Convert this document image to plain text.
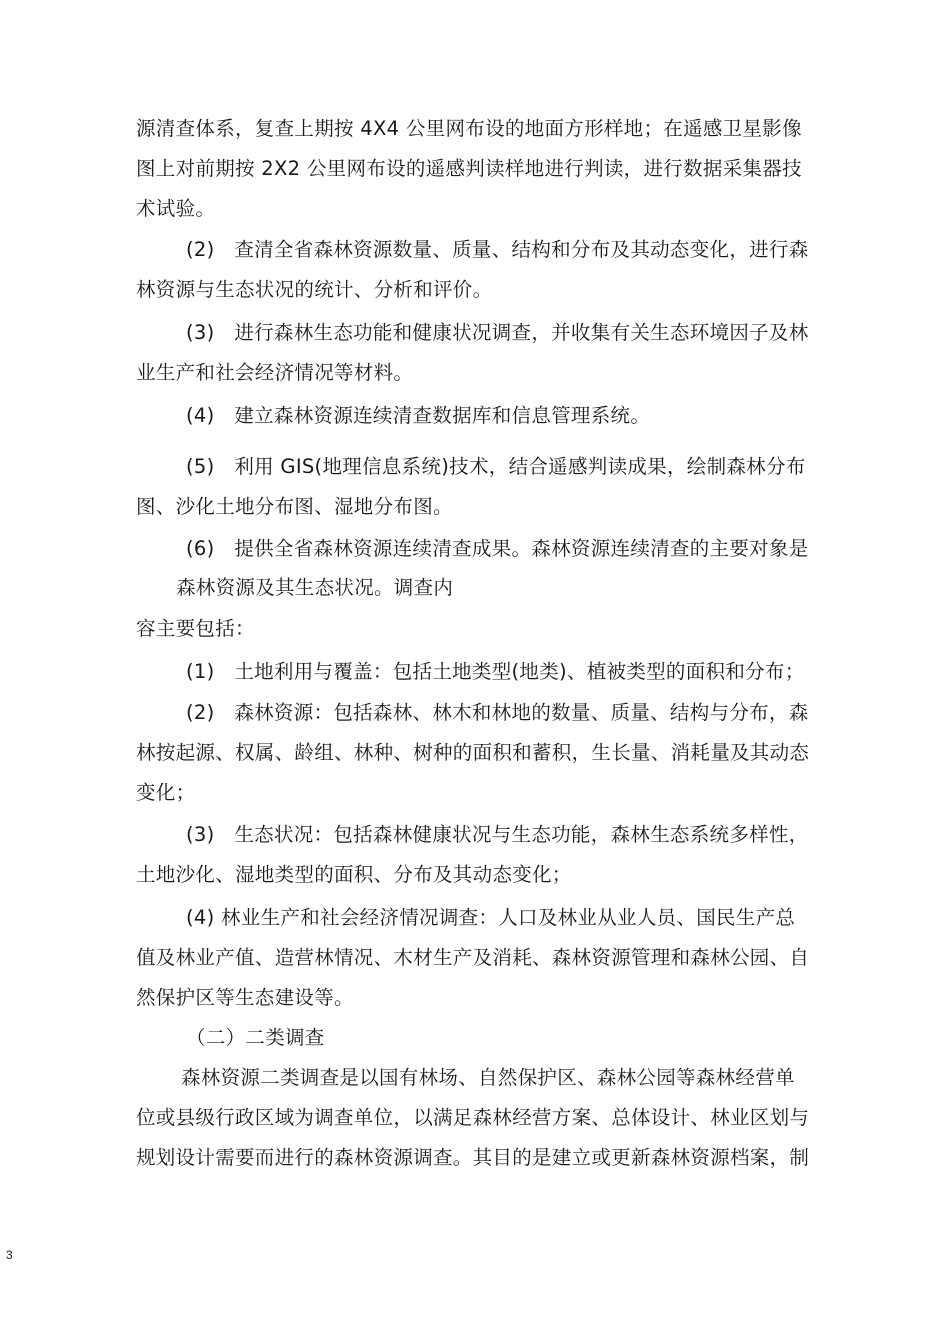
源清查体系，复查上期按 4X4 公里网布设的地面方形样地；在遥感卫星影像
图上对前期按 2X2 公里网布设的遥感判读样地进行判读，进行数据采集器技
术试验。
(2)　查清全省森林资源数量、质量、结构和分布及其动态变化，进行森
林资源与生态状况的统计、分析和评价。
(3)　进行森林生态功能和健康状况调查，并收集有关生态环境因子及林
业生产和社会经济情况等材料。
(4)　建立森林资源连续清查数据库和信息管理系统。
(5)　利用 GIS(地理信息系统)技术，结合遥感判读成果，绘制森林分布
图、沙化土地分布图、湿地分布图。
(6)　提供全省森林资源连续清查成果。森林资源连续清查的主要对象是
森林资源及其生态状况。调查内
容主要包括：
(1)　土地利用与覆盖：包括土地类型(地类)、植被类型的面积和分布；
(2)　森林资源：包括森林、林木和林地的数量、质量、结构与分布，森
林按起源、权属、龄组、林种、树种的面积和蓄积，生长量、消耗量及其动态
变化；
(3)　生态状况：包括森林健康状况与生态功能，森林生态系统多样性，
土地沙化、湿地类型的面积、分布及其动态变化；
(4) 林业生产和社会经济情况调查：人口及林业从业人员、国民生产总
值及林业产值、造营林情况、木材生产及消耗、森林资源管理和森林公园、自
然保护区等生态建设等。
（二）二类调查
森林资源二类调查是以国有林场、自然保护区、森林公园等森林经营单
位或县级行政区域为调查单位，以满足森林经营方案、总体设计、林业区划与
规划设计需要而进行的森林资源调查。其目的是建立或更新森林资源档案，制
3
